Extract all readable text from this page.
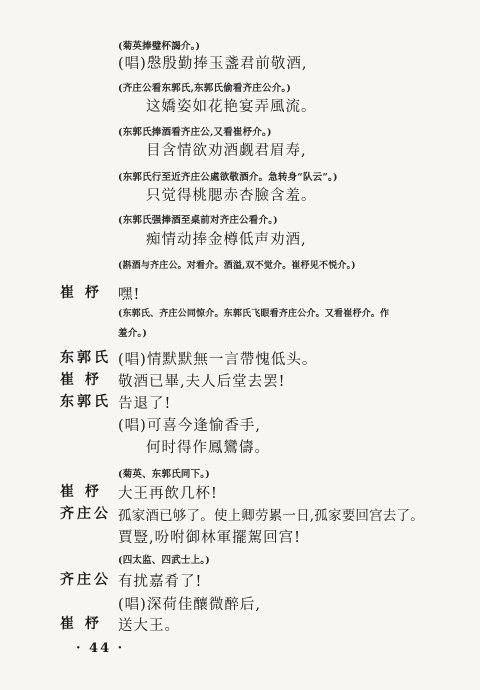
(菊英捧璧杯謁介。)
(唱)慇殷勤捧玉盞君前敬酒,
(齐庄公看东郭氏,东郭氏偷看齐庄公介。)
这嬌姿如花艳宴弄風流。
(东郭氏捧酒看齐庄公,又看崔杼介。)
目含情欲劝酒觑君眉寿,
(东郭氏行至近齐庄公處欲敬酒介。急转身“队云”。)
只觉得桃腮赤杏臉含羞。
(东郭氏强捧酒至桌前对齐庄公看介。)
痴情动捧金樽低声劝酒,
(斟酒与齐庄公。对看介。酒溢,双不觉介。崔杼见不悦介。)
崔 杼 嘿!
(东郭氏、齐庄公同惊介。东郭氏飞眼看齐庄公介。又看崔杼介。作
羞介。)
东郭氏 (唱)情默默無一言帶愧低头。
崔 杼 敬酒已畢,夫人后堂去罢!
东郭氏 告退了!
(唱)可喜今逢愉香手,
何时得作鳳鸞儔。
(菊英、东郭氏同下。)
崔 杼 大王再飲几杯!
齐庄公 孤家酒已够了。使上卿劳累一日,孤家要回宫去了。
賈豎,吩咐御林軍擺駕回宫!
(四太监、四武士上。)
齐庄公 有扰嘉肴了!
(唱)深荷佳釀微醉后,
崔 杼 送大王。
· 44 ·
